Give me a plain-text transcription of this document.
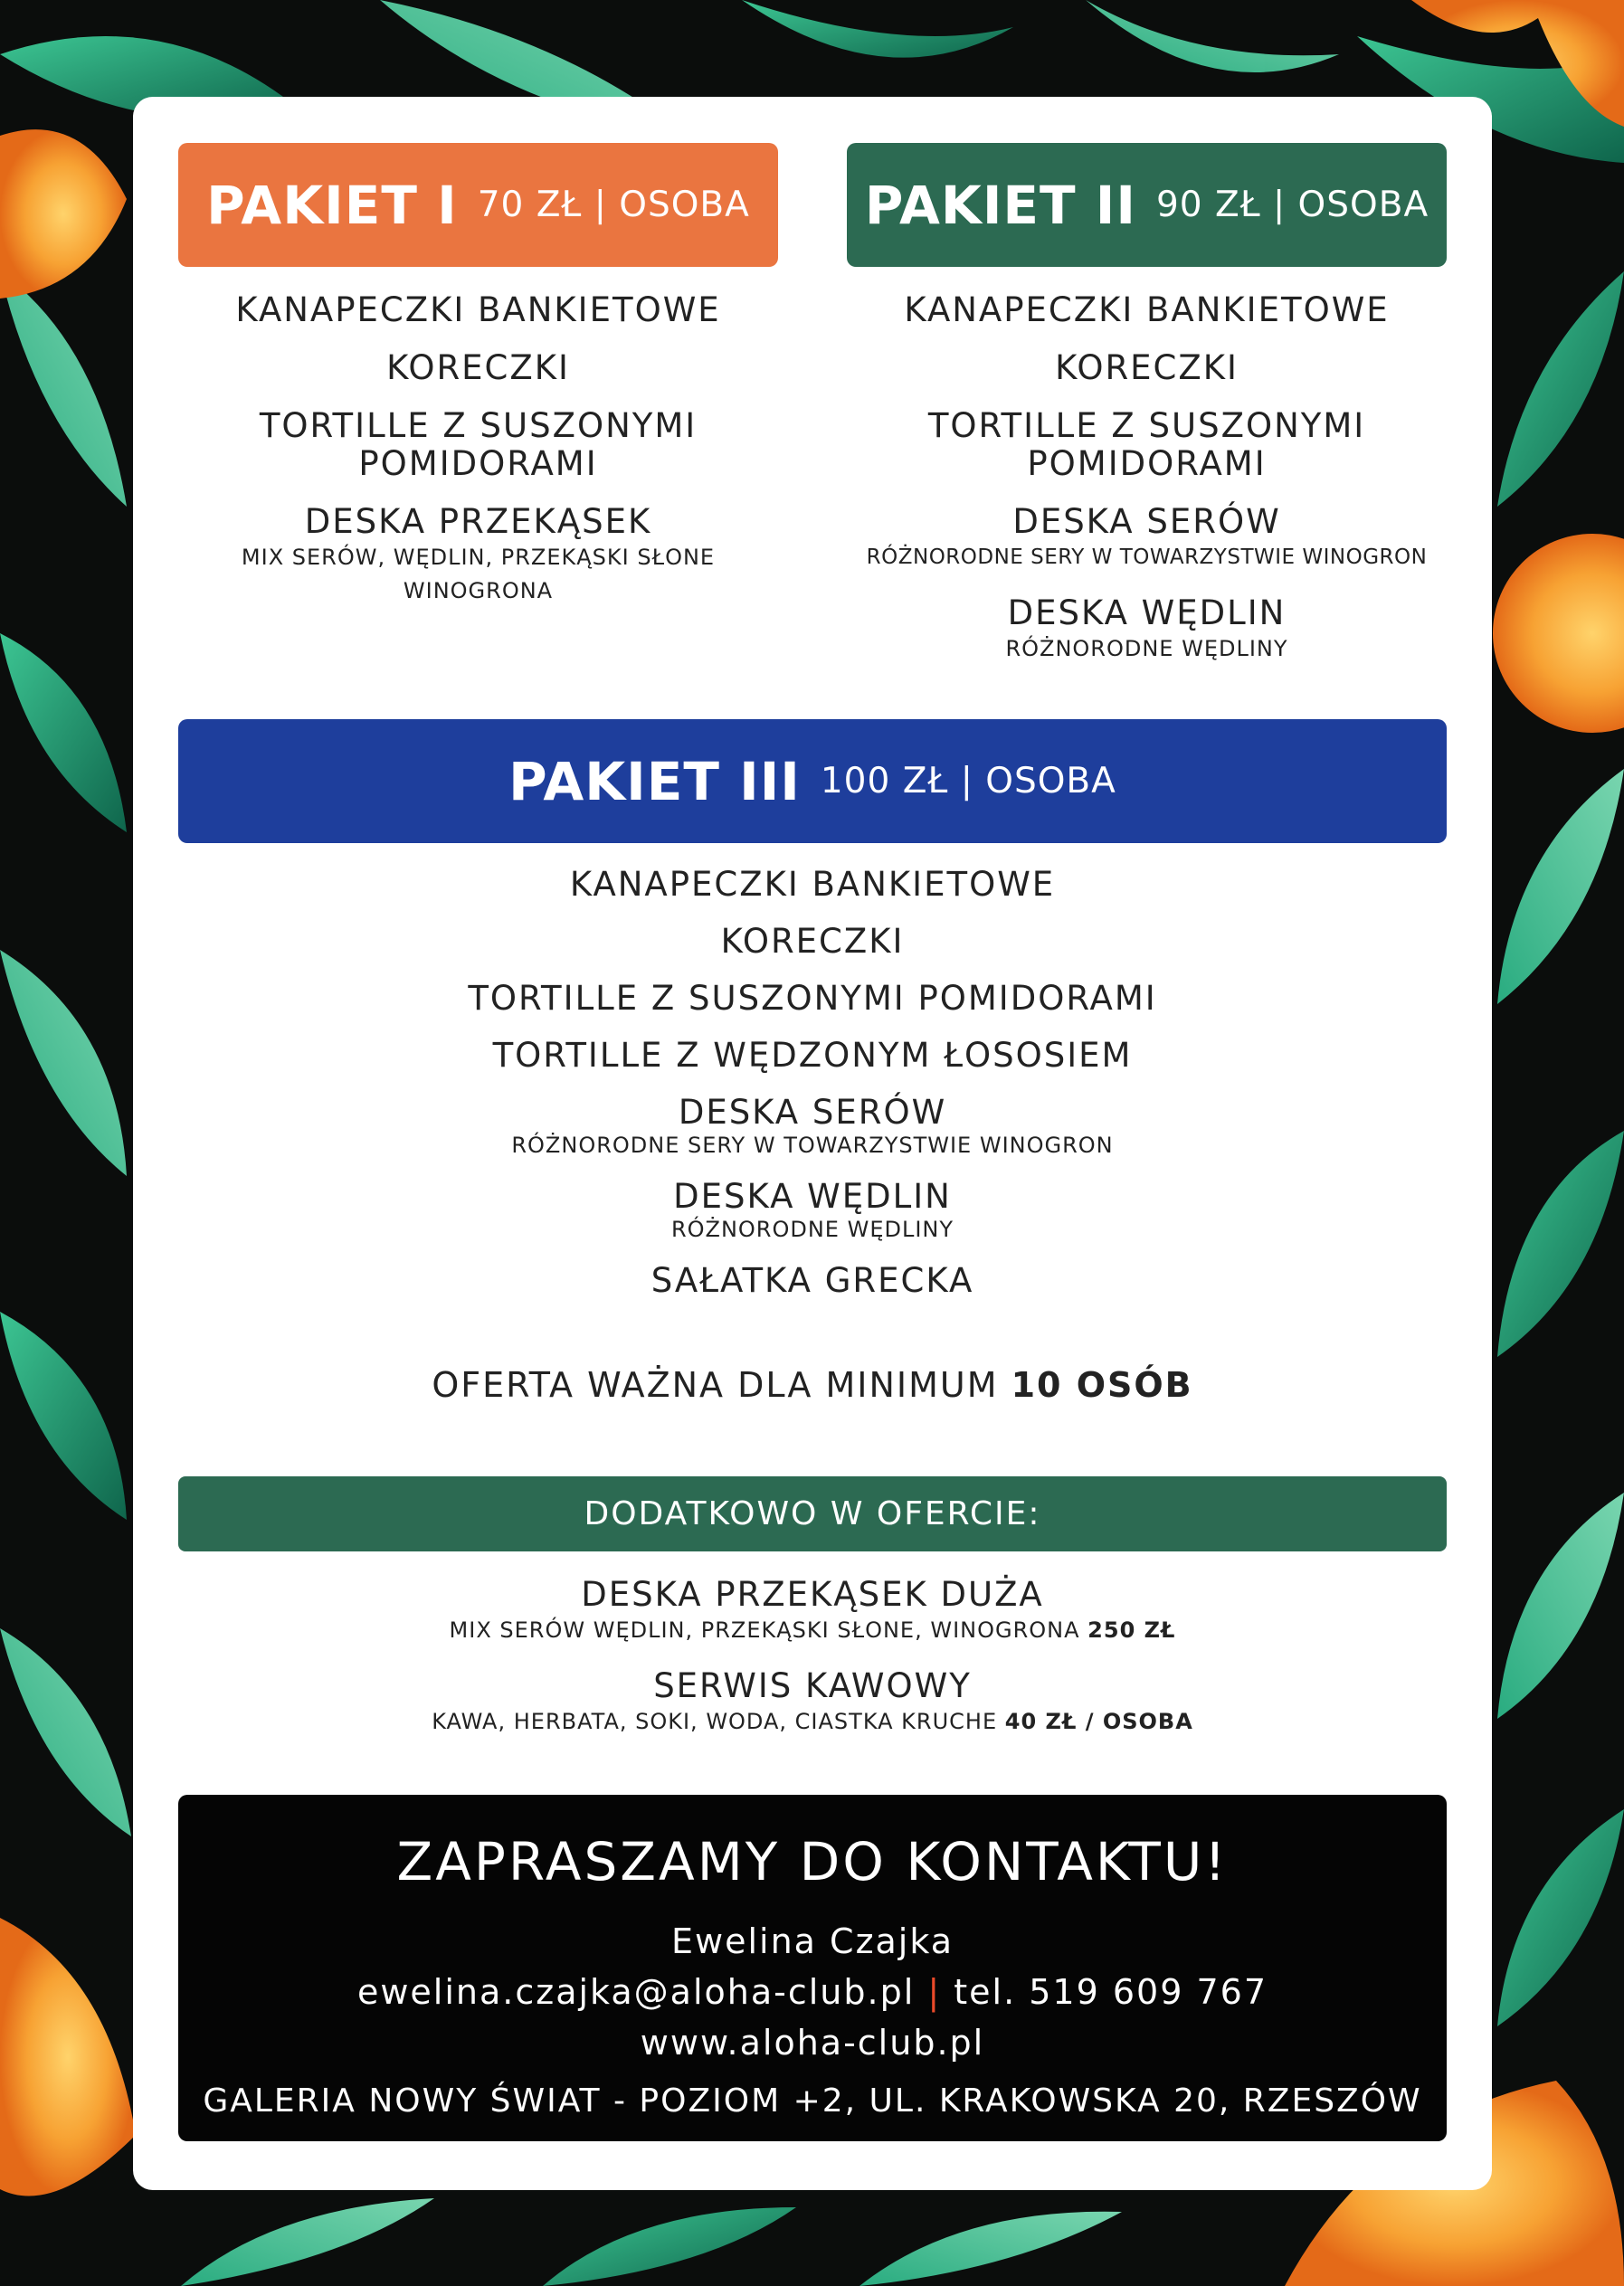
PAKIET I 70 ZŁ | OSOBA
KANAPECZKI BANKIETOWE
KORECZKI
TORTILLE Z SUSZONYMI POMIDORAMI
DESKA PRZEKĄSEK
MIX SERÓW, WĘDLIN, PRZEKĄSKI SŁONE WINOGRONA
PAKIET II 90 ZŁ | OSOBA
KANAPECZKI BANKIETOWE
KORECZKI
TORTILLE Z SUSZONYMI POMIDORAMI
DESKA SERÓW
RÓŻNORODNE SERY W TOWARZYSTWIE WINOGRON
DESKA WĘDLIN
RÓŻNORODNE WĘDLINY
PAKIET III 100 ZŁ | OSOBA
KANAPECZKI BANKIETOWE
KORECZKI
TORTILLE Z SUSZONYMI POMIDORAMI
TORTILLE Z WĘDZONYM ŁOSOSIEM
DESKA SERÓW
RÓŻNORODNE SERY W TOWARZYSTWIE WINOGRON
DESKA WĘDLIN
RÓŻNORODNE WĘDLINY
SAŁATKA GRECKA
OFERTA WAŻNA DLA MINIMUM 10 OSÓB
DODATKOWO W OFERCIE:
DESKA PRZEKĄSEK DUŻA
MIX SERÓW WĘDLIN, PRZEKĄSKI SŁONE, WINOGRONA 250 ZŁ
SERWIS KAWOWY
KAWA, HERBATA, SOKI, WODA, CIASTKA KRUCHE 40 ZŁ / OSOBA
ZAPRASZAMY DO KONTAKTU!
Ewelina Czajka
ewelina.czajka@aloha-club.pl | tel. 519 609 767
www.aloha-club.pl
GALERIA NOWY ŚWIAT - POZIOM +2, UL. KRAKOWSKA 20, RZESZÓW
